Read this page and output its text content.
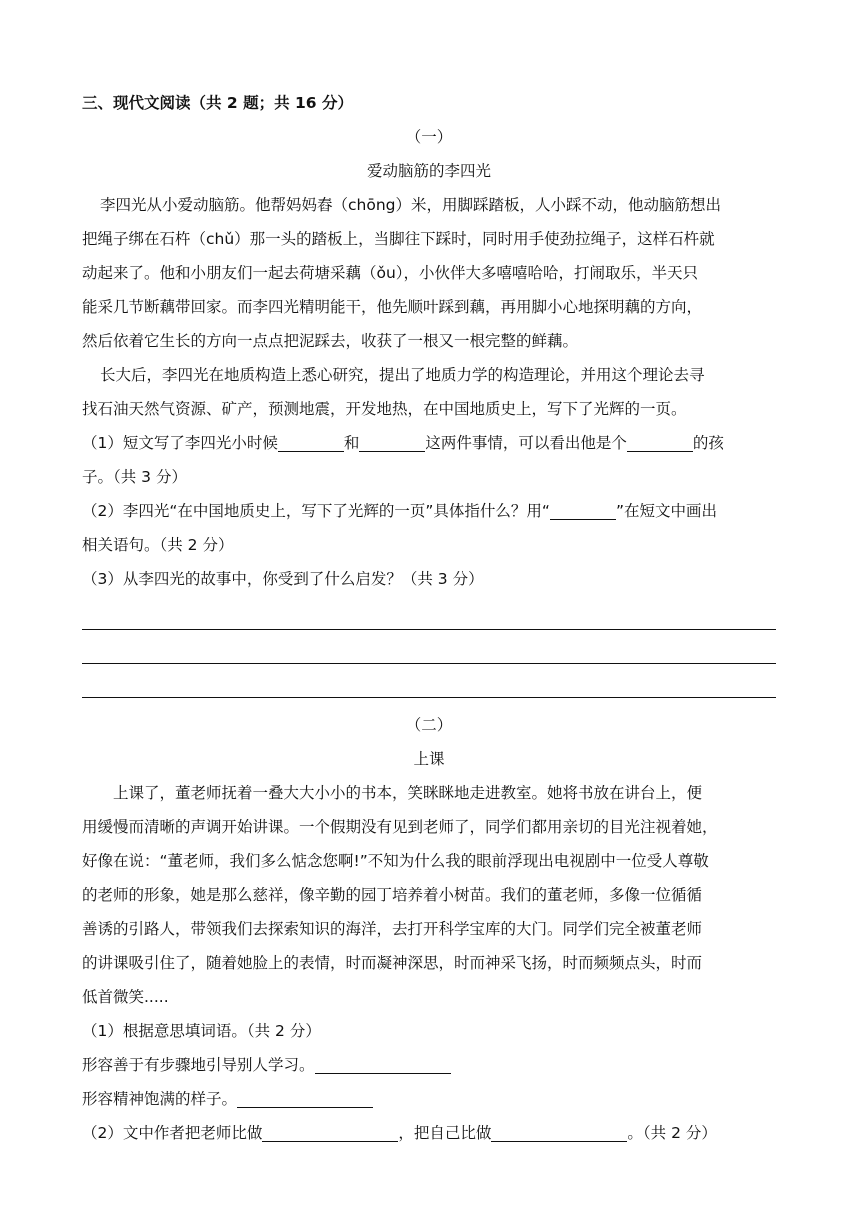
三、现代文阅读（共 2 题；共 16 分）
（一）
爱动脑筋的李四光
李四光从小爱动脑筋。他帮妈妈舂（chōng）米，用脚踩踏板，人小踩不动，他动脑筋想出
把绳子绑在石杵（chǔ）那一头的踏板上，当脚往下踩时，同时用手使劲拉绳子，这样石杵就
动起来了。他和小朋友们一起去荷塘采藕（ǒu），小伙伴大多嘻嘻哈哈，打闹取乐，半天只
能采几节断藕带回家。而李四光精明能干，他先顺叶踩到藕，再用脚小心地探明藕的方向，
然后依着它生长的方向一点点把泥踩去，收获了一根又一根完整的鲜藕。
长大后，李四光在地质构造上悉心研究，提出了地质力学的构造理论，并用这个理论去寻
找石油天然气资源、矿产，预测地震，开发地热，在中国地质史上，写下了光辉的一页。
（1）短文写了李四光小时候	和	这两件事情，可以看出他是个	的孩
子。（共 3 分）
（2）李四光“在中国地质史上，写下了光辉的一页”具体指什么？用“	”在短文中画出
相关语句。（共 2 分）
（3）从李四光的故事中，你受到了什么启发？（共 3 分）
（二）
上课
上课了，董老师抚着一叠大大小小的书本，笑眯眯地走进教室。她将书放在讲台上，便
用缓慢而清晰的声调开始讲课。一个假期没有见到老师了，同学们都用亲切的目光注视着她，
好像在说：“董老师，我们多么惦念您啊!”不知为什么我的眼前浮现出电视剧中一位受人尊敬
的老师的形象，她是那么慈祥，像辛勤的园丁培养着小树苗。我们的董老师，多像一位循循
善诱的引路人，带领我们去探索知识的海洋，去打开科学宝库的大门。同学们完全被董老师
的讲课吸引住了，随着她脸上的表情，时而凝神深思，时而神采飞扬，时而频频点头，时而
低首微笑.....
（1）根据意思填词语。（共 2 分）
形容善于有步骤地引导别人学习。
形容精神饱满的样子。
（2）文中作者把老师比做	，把自己比做	。（共 2 分）
